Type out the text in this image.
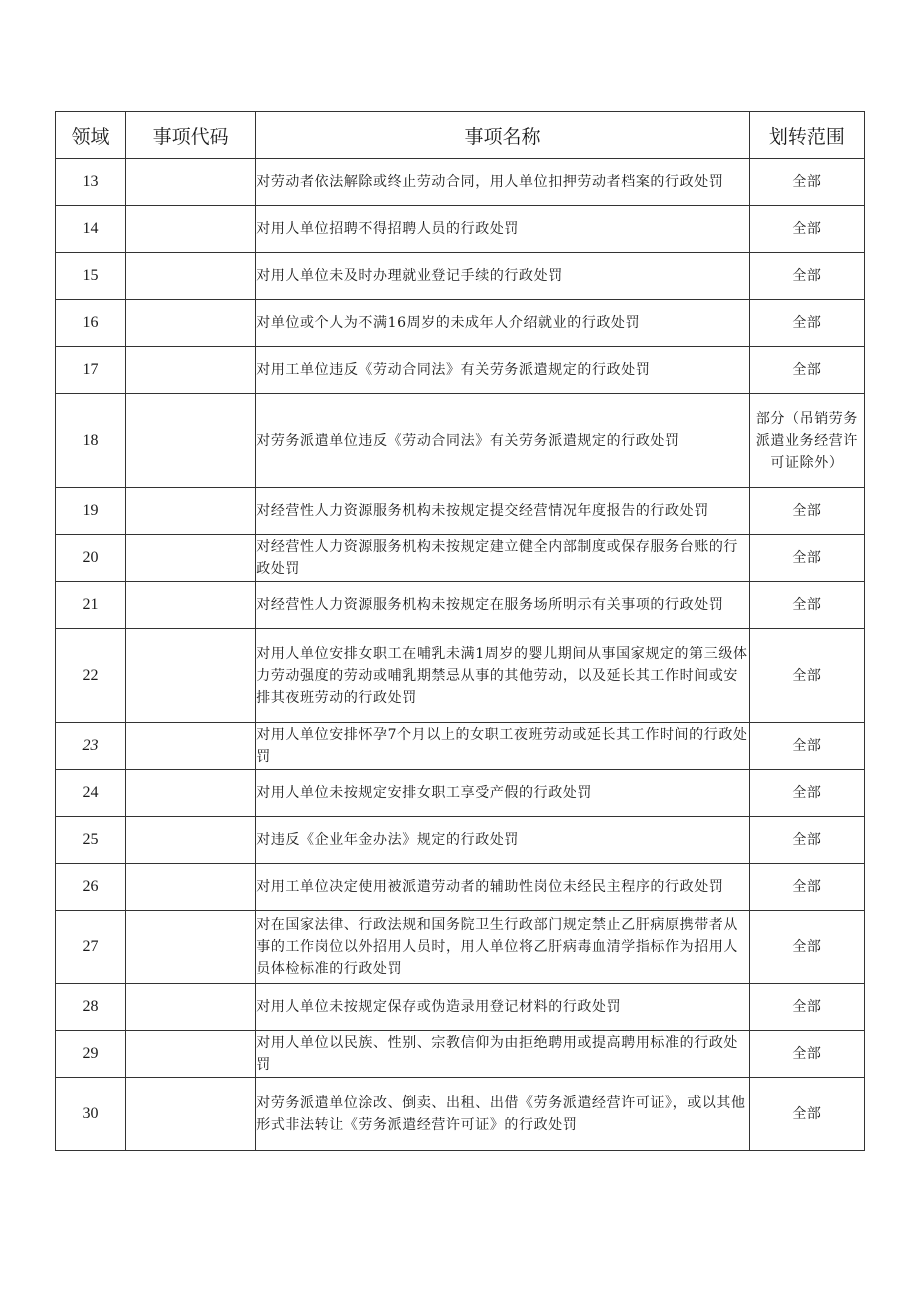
领域	事项代码	事项名称	划转范围
13		对劳动者依法解除或终止劳动合同，用人单位扣押劳动者档案的行政处罚	全部
14		对用人单位招聘不得招聘人员的行政处罚	全部
15		对用人单位未及时办理就业登记手续的行政处罚	全部
16		对单位或个人为不满16周岁的未成年人介绍就业的行政处罚	全部
17		对用工单位违反《劳动合同法》有关劳务派遣规定的行政处罚	全部
18		对劳务派遣单位违反《劳动合同法》有关劳务派遣规定的行政处罚	部分（吊销劳务派遣业务经营许可证除外）
19		对经营性人力资源服务机构未按规定提交经营情况年度报告的行政处罚	全部
20		对经营性人力资源服务机构未按规定建立健全内部制度或保存服务台账的行政处罚	全部
21		对经营性人力资源服务机构未按规定在服务场所明示有关事项的行政处罚	全部
22		对用人单位安排女职工在哺乳未满1周岁的婴儿期间从事国家规定的第三级体力劳动强度的劳动或哺乳期禁忌从事的其他劳动，以及延长其工作时间或安排其夜班劳动的行政处罚	全部
23		对用人单位安排怀孕7个月以上的女职工夜班劳动或延长其工作时间的行政处罚	全部
24		对用人单位未按规定安排女职工享受产假的行政处罚	全部
25		对违反《企业年金办法》规定的行政处罚	全部
26		对用工单位决定使用被派遣劳动者的辅助性岗位未经民主程序的行政处罚	全部
27		对在国家法律、行政法规和国务院卫生行政部门规定禁止乙肝病原携带者从事的工作岗位以外招用人员时，用人单位将乙肝病毒血清学指标作为招用人员体检标准的行政处罚	全部
28		对用人单位未按规定保存或伪造录用登记材料的行政处罚	全部
29		对用人单位以民族、性别、宗教信仰为由拒绝聘用或提高聘用标准的行政处罚	全部
30		对劳务派遣单位涂改、倒卖、出租、出借《劳务派遣经营许可证》，或以其他形式非法转让《劳务派遣经营许可证》的行政处罚	全部
